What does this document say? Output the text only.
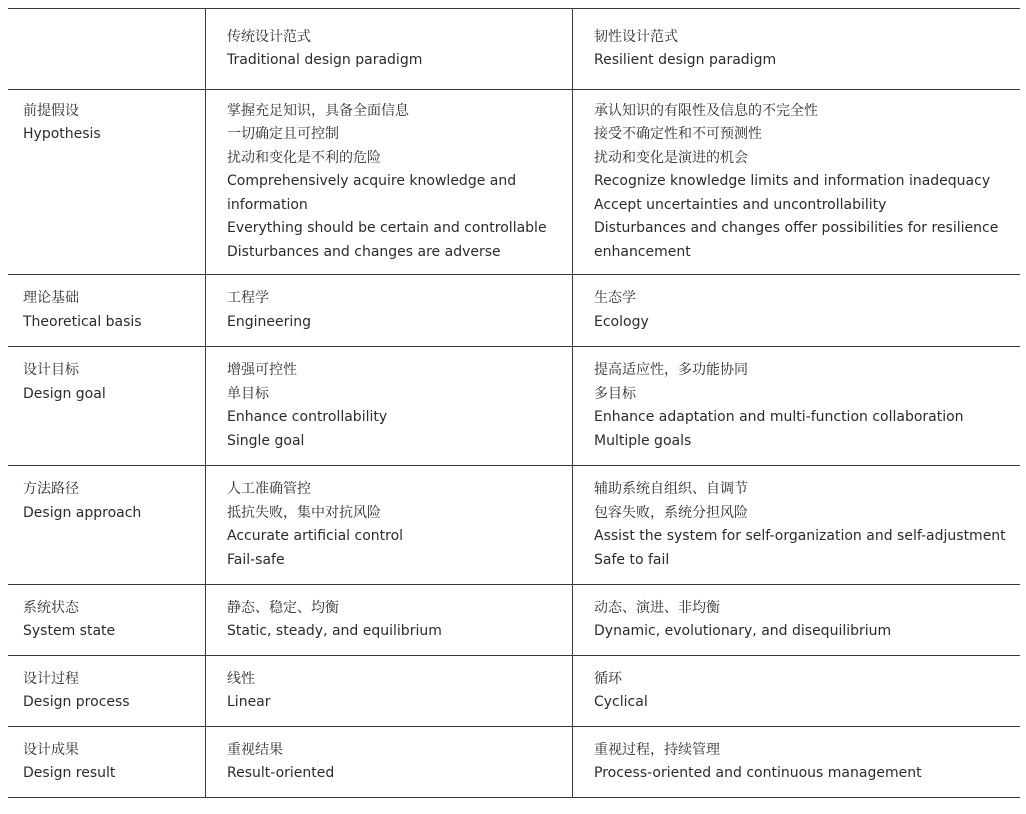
传统设计范式
Traditional design paradigm
韧性设计范式
Resilient design paradigm
前提假设
Hypothesis

掌握充足知识，具备全面信息
一切确定且可控制
扰动和变化是不利的危险
Comprehensively acquire knowledge and
information
Everything should be certain and controllable
Disturbances and changes are adverse
承认知识的有限性及信息的不完全性
接受不确定性和不可预测性
扰动和变化是演进的机会
Recognize knowledge limits and information inadequacy
Accept uncertainties and uncontrollability
Disturbances and changes offer possibilities for resilience
enhancement
理论基础
Theoretical basis
工程学
Engineering
生态学
Ecology
设计目标
Design goal
增强可控性
单目标
Enhance controllability
Single goal
提高适应性，多功能协同
多目标
Enhance adaptation and multi-function collaboration
Multiple goals
方法路径
Design approach
人工准确管控
抵抗失败，集中对抗风险
Accurate artificial control
Fail-safe
辅助系统自组织、自调节
包容失败，系统分担风险
Assist the system for self-organization and self-adjustment
Safe to fail
系统状态
System state
静态、稳定、均衡
Static, steady, and equilibrium
动态、演进、非均衡
Dynamic, evolutionary, and disequilibrium
设计过程
Design process
线性
Linear
循环
Cyclical
设计成果
Design result
重视结果
Result-oriented
重视过程，持续管理
Process-oriented and continuous management
